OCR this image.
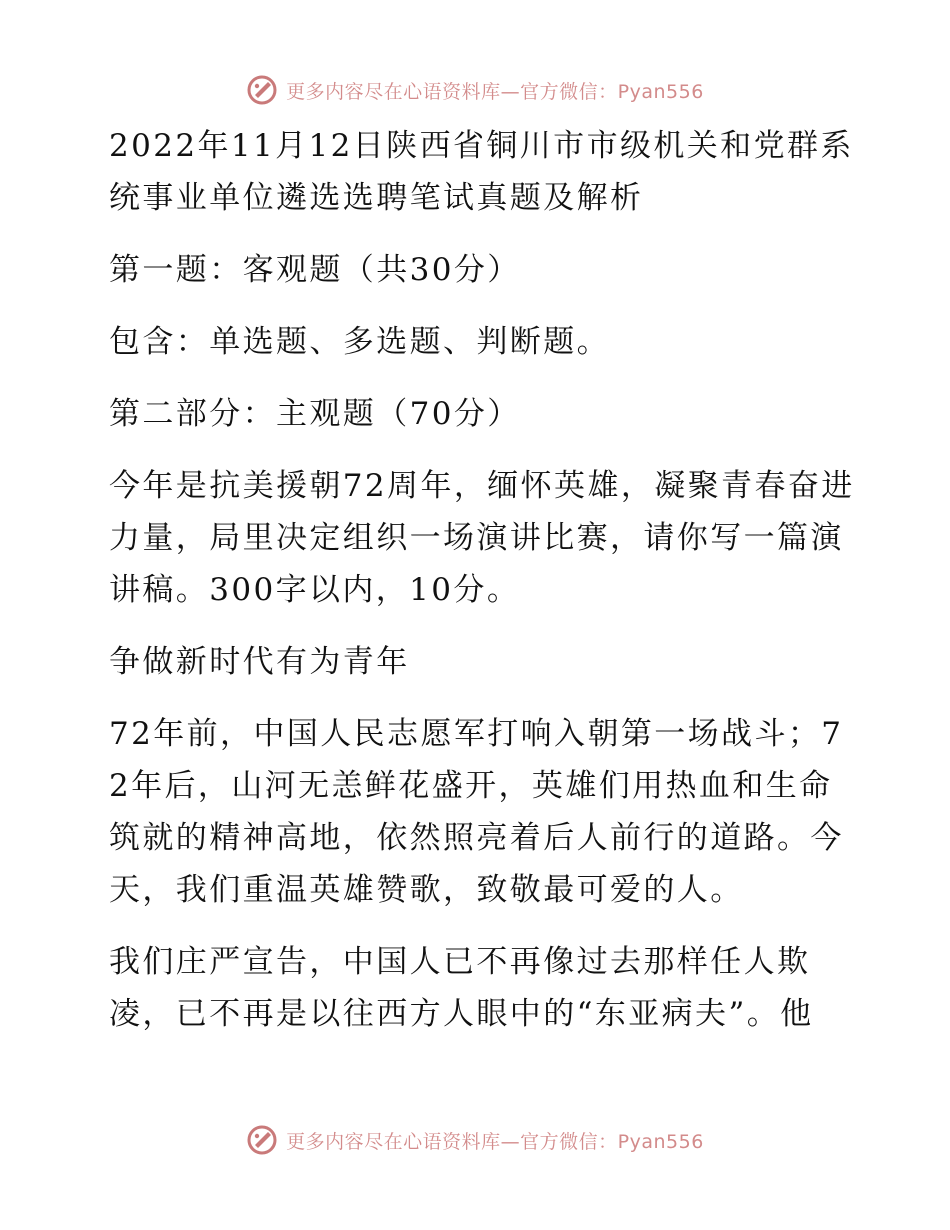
更多内容尽在心语资料库—官方微信：Pyan556

2022年11月12日陕西省铜川市市级机关和党群系统事业单位遴选选聘笔试真题及解析

第一题：客观题（共30分）

包含：单选题、多选题、判断题。

第二部分：主观题（70分）

今年是抗美援朝72周年，缅怀英雄，凝聚青春奋进力量，局里决定组织一场演讲比赛，请你写一篇演讲稿。300字以内，10分。

争做新时代有为青年

72年前，中国人民志愿军打响入朝第一场战斗；72年后，山河无恙鲜花盛开，英雄们用热血和生命筑就的精神高地，依然照亮着后人前行的道路。今天，我们重温英雄赞歌，致敬最可爱的人。

我们庄严宣告，中国人已不再像过去那样任人欺凌，已不再是以往西方人眼中的“东亚病夫”。他

更多内容尽在心语资料库—官方微信：Pyan556
